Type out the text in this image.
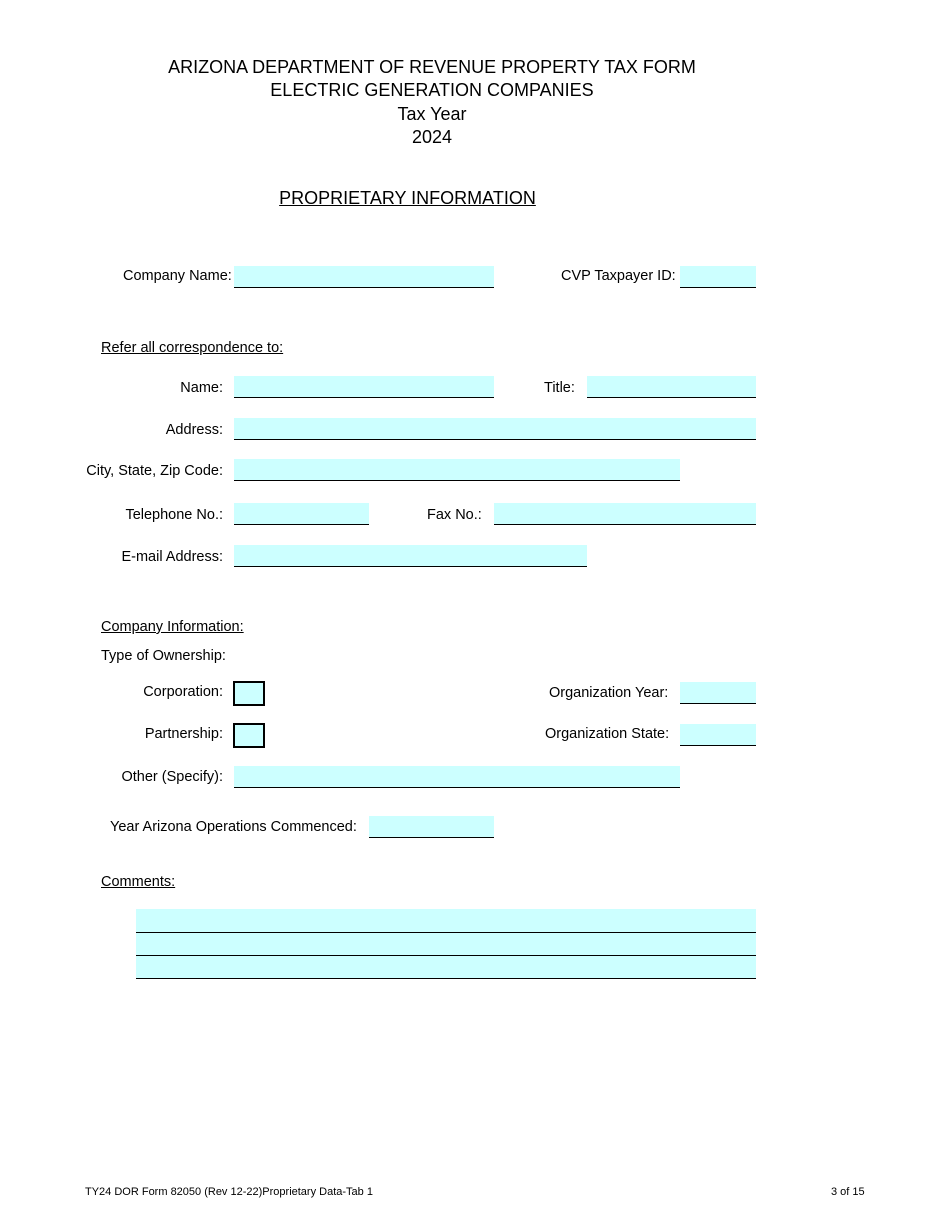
ARIZONA DEPARTMENT OF REVENUE PROPERTY TAX FORM
ELECTRIC GENERATION COMPANIES
Tax Year
2024
PROPRIETARY INFORMATION
Company Name:	CVP Taxpayer ID:
Refer all correspondence to:
Name:	Title:
Address:
City, State, Zip Code:
Telephone No.:	Fax No.:
E-mail Address:
Company Information:
Type of Ownership:
Corporation:	Organization Year:
Partnership:	Organization State:
Other (Specify):
Year Arizona Operations Commenced:
Comments:
TY24 DOR Form 82050 (Rev 12-22)Proprietary Data-Tab 1	3 of 15
